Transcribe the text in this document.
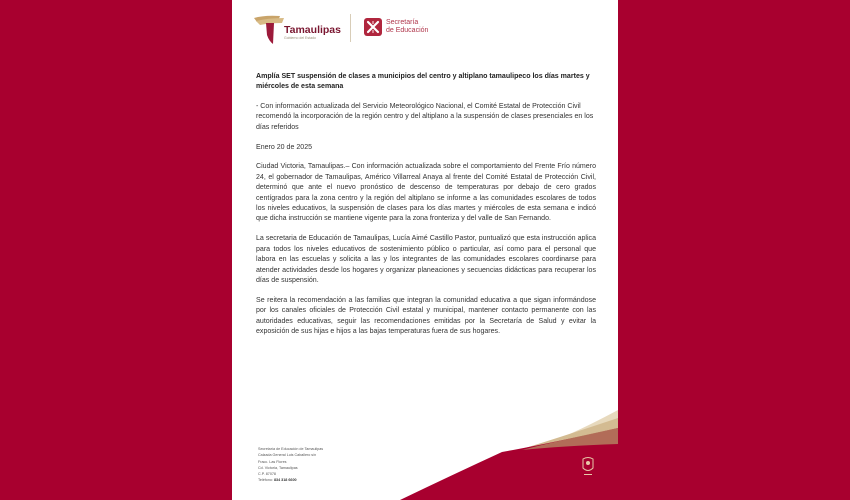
Tamaulipas
Gobierno del Estado
Secretaría
de Educación
Amplía SET suspensión de clases a municipios del centro y altiplano tamaulipeco los días martes y miércoles de esta semana
- Con información actualizada del Servicio Meteorológico Nacional, el Comité Estatal de Protección Civil recomendó la incorporación de la región centro y del altiplano a la suspensión de clases presenciales en los días referidos
Enero 20 de 2025
Ciudad Victoria, Tamaulipas.– Con información actualizada sobre el comportamiento del Frente Frío número 24, el gobernador de Tamaulipas, Américo Villarreal Anaya al frente del Comité Estatal de Protección Civil, determinó que ante el nuevo pronóstico de descenso de temperaturas por debajo de cero grados centígrados para la zona centro y la región del altiplano se informe a las comunidades escolares de todos los niveles educativos, la suspensión de clases para los días martes y miércoles de esta semana e indicó que dicha instrucción se mantiene vigente para la zona fronteriza y del valle de San Fernando.
La secretaria de Educación de Tamaulipas, Lucía Aimé Castillo Pastor, puntualizó que esta instrucción aplica para todos los niveles educativos de sostenimiento público o particular, así como para el personal que labora en las escuelas y solicita a las y los integrantes de las comunidades escolares coordinarse para atender actividades desde los hogares y organizar planeaciones y secuencias didácticas para recuperar los días de suspensión.
Se reitera la recomendación a las familias que integran la comunidad educativa a que sigan informándose por los canales oficiales de Protección Civil estatal y municipal, mantener contacto permanente con las autoridades educativas, seguir las recomendaciones emitidas por la Secretaría de Salud y evitar la exposición de sus hijas e hijos a las bajas temperaturas fuera de sus hogares.
Secretaría de Educación de Tamaulipas
Calzada General Luis Caballero s/n
Fracc. Las Flores
Cd. Victoria, Tamaulipas
C.P. 87078
Teléfono: 834 318 6600
